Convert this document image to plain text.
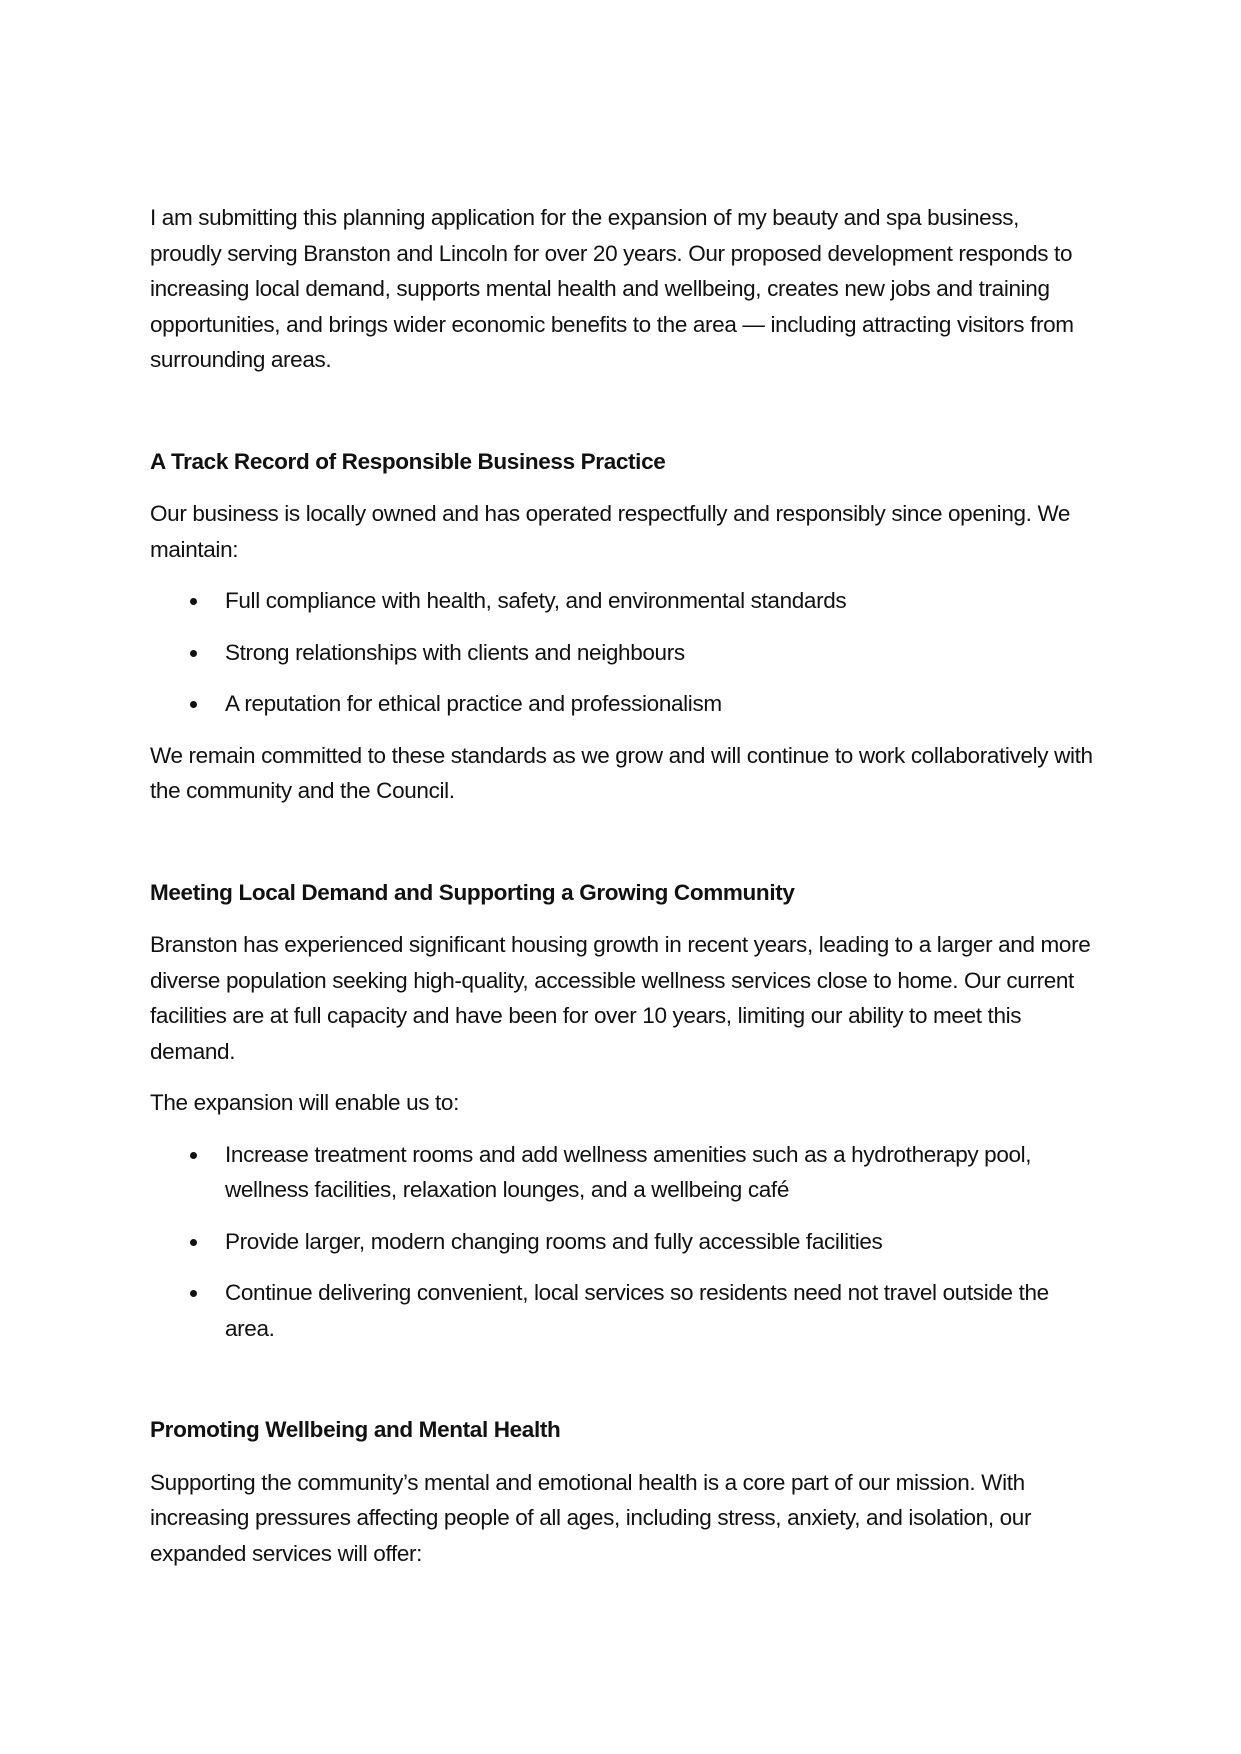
I am submitting this planning application for the expansion of my beauty and spa business, proudly serving Branston and Lincoln for over 20 years. Our proposed development responds to increasing local demand, supports mental health and wellbeing, creates new jobs and training opportunities, and brings wider economic benefits to the area — including attracting visitors from surrounding areas.

A Track Record of Responsible Business Practice

Our business is locally owned and has operated respectfully and responsibly since opening. We maintain:

Full compliance with health, safety, and environmental standards
Strong relationships with clients and neighbours
A reputation for ethical practice and professionalism

We remain committed to these standards as we grow and will continue to work collaboratively with the community and the Council.

Meeting Local Demand and Supporting a Growing Community

Branston has experienced significant housing growth in recent years, leading to a larger and more diverse population seeking high-quality, accessible wellness services close to home. Our current facilities are at full capacity and have been for over 10 years, limiting our ability to meet this demand.

The expansion will enable us to:

Increase treatment rooms and add wellness amenities such as a hydrotherapy pool, wellness facilities, relaxation lounges, and a wellbeing café
Provide larger, modern changing rooms and fully accessible facilities
Continue delivering convenient, local services so residents need not travel outside the area.
Promoting Wellbeing and Mental Health

Supporting the community’s mental and emotional health is a core part of our mission. With increasing pressures affecting people of all ages, including stress, anxiety, and isolation, our expanded services will offer:
